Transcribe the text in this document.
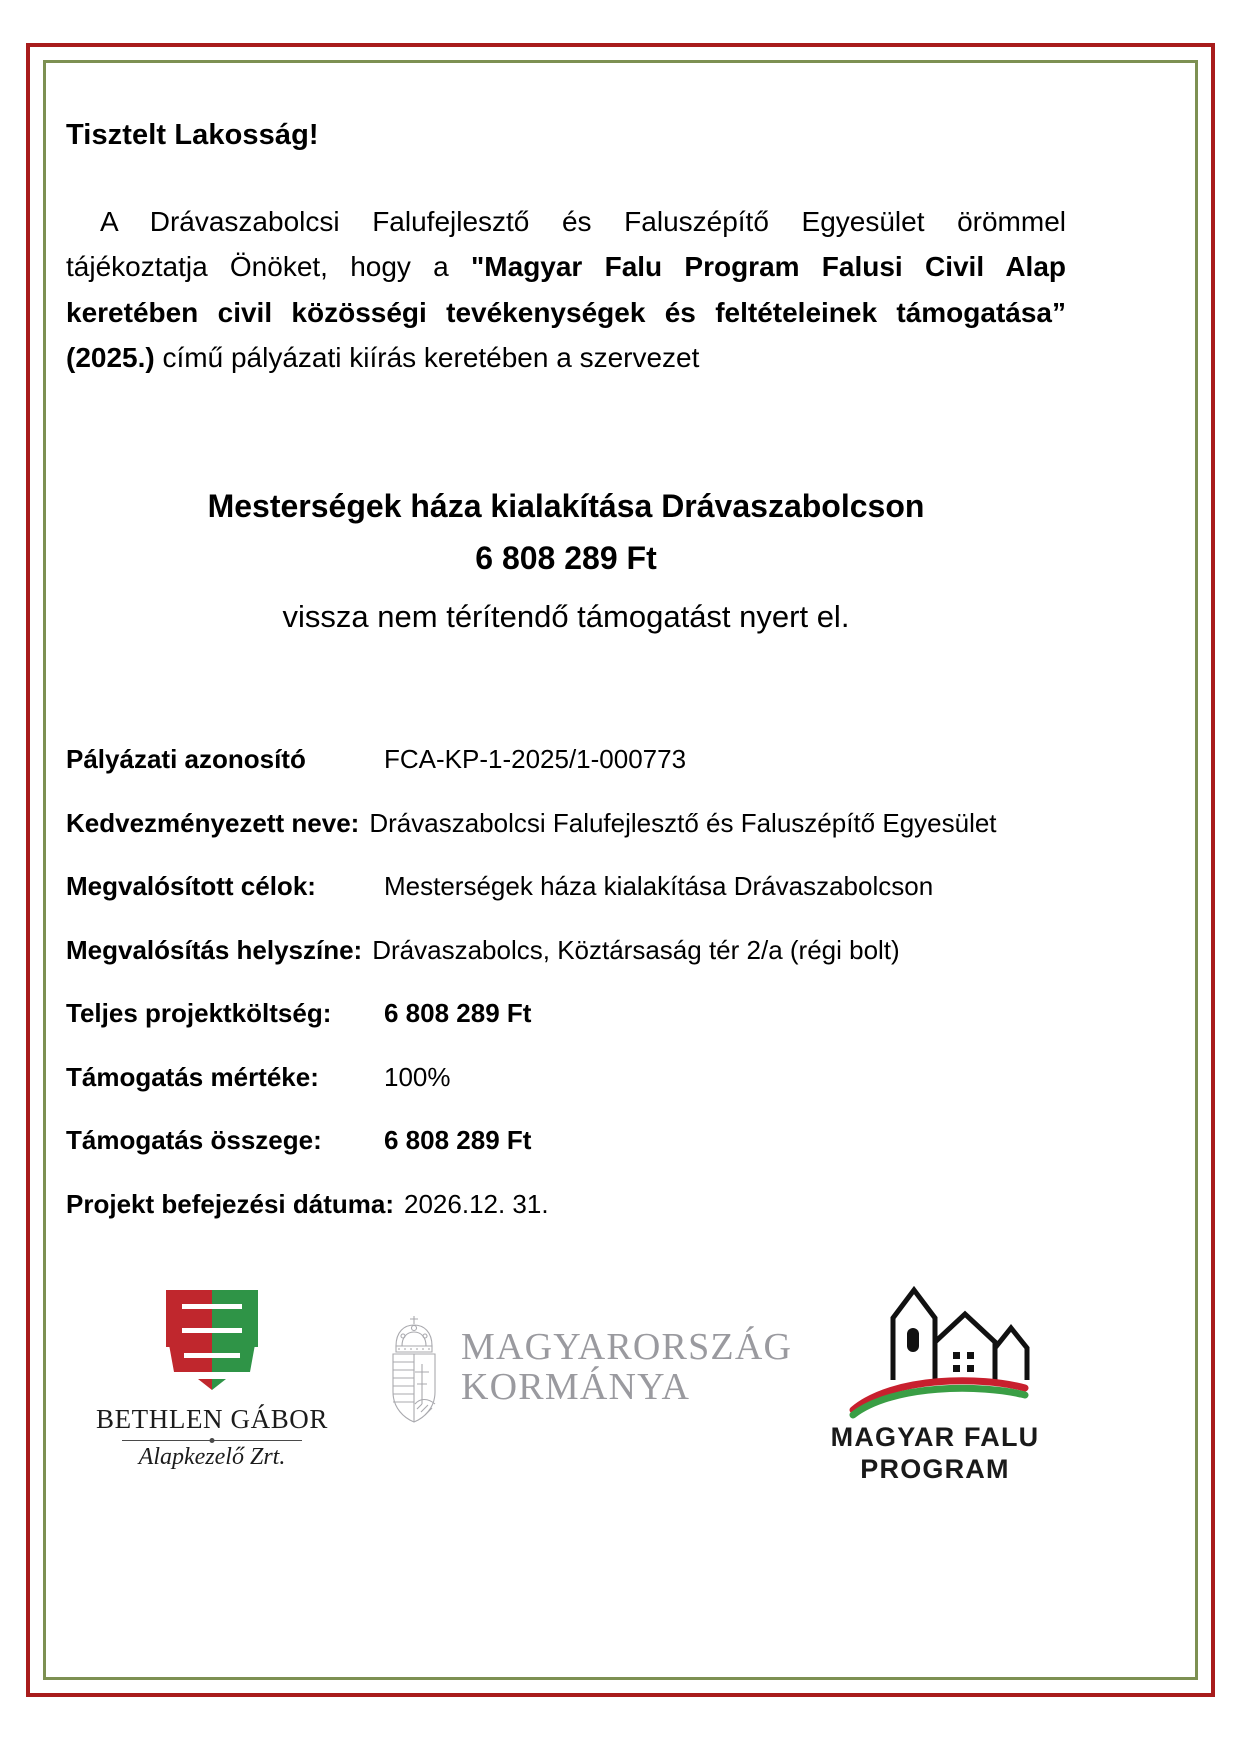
Tisztelt Lakosság!

A Drávaszabolcsi Falufejlesztő és Faluszépítő Egyesület örömmel tájékoztatja Önöket, hogy a "Magyar Falu Program Falusi Civil Alap keretében civil közösségi tevékenységek és feltételeinek támogatása” (2025.) című pályázati kiírás keretében a szervezet

Mesterségek háza kialakítása Drávaszabolcson
6 808 289 Ft
vissza nem térítendő támogatást nyert el.
Pályázati azonosító	FCA-KP-1-2025/1-000773
Kedvezményezett neve: Drávaszabolcsi Falufejlesztő és Faluszépítő Egyesület
Megvalósított célok:	Mesterségek háza kialakítása Drávaszabolcson
Megvalósítás helyszíne: Drávaszabolcs, Köztársaság tér 2/a (régi bolt)
Teljes projektköltség:	6 808 289 Ft
Támogatás mértéke:	100%
Támogatás összege:	6 808 289 Ft
Projekt befejezési dátuma: 2026.12. 31.
BETHLEN GÁBOR
Alapkezelő Zrt.
MAGYARORSZÁG
KORMÁNYA
MAGYAR FALU
PROGRAM
